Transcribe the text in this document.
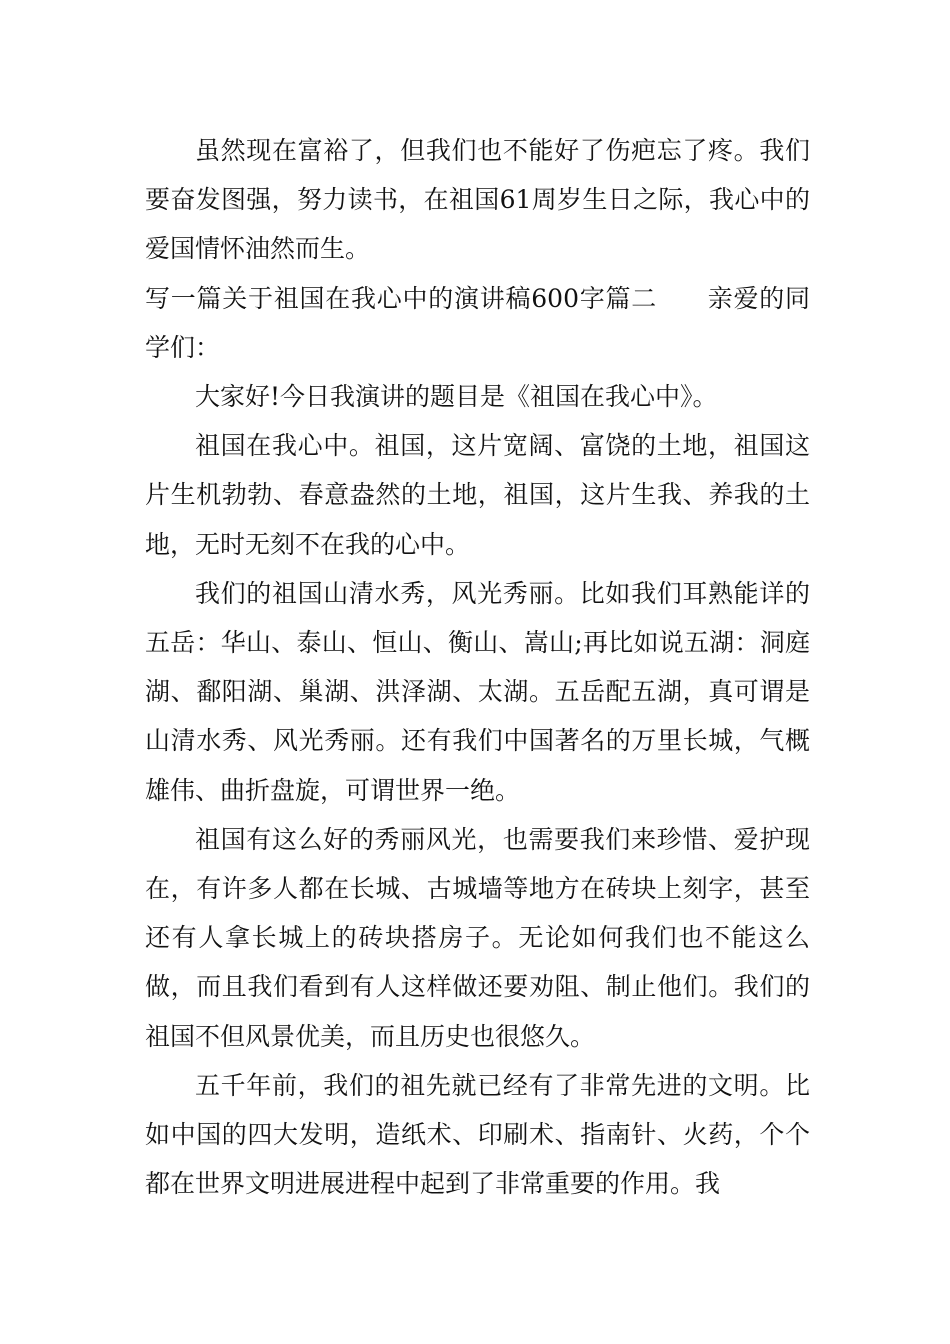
虽然现在富裕了，但我们也不能好了伤疤忘了疼。我们要奋发图强，努力读书，在祖国61周岁生日之际，我心中的爱国情怀油然而生。

写一篇关于祖国在我心中的演讲稿600字篇二 亲爱的同学们：

大家好!今日我演讲的题目是《祖国在我心中》。

祖国在我心中。祖国，这片宽阔、富饶的土地，祖国这片生机勃勃、春意盎然的土地，祖国，这片生我、养我的土地，无时无刻不在我的心中。

我们的祖国山清水秀，风光秀丽。比如我们耳熟能详的五岳：华山、泰山、恒山、衡山、嵩山;再比如说五湖：洞庭湖、鄱阳湖、巢湖、洪泽湖、太湖。五岳配五湖，真可谓是山清水秀、风光秀丽。还有我们中国著名的万里长城，气概雄伟、曲折盘旋，可谓世界一绝。

祖国有这么好的秀丽风光，也需要我们来珍惜、爱护现在，有许多人都在长城、古城墙等地方在砖块上刻字，甚至还有人拿长城上的砖块搭房子。无论如何我们也不能这么做，而且我们看到有人这样做还要劝阻、制止他们。我们的祖国不但风景优美，而且历史也很悠久。

五千年前，我们的祖先就已经有了非常先进的文明。比如中国的四大发明，造纸术、印刷术、指南针、火药，个个都在世界文明进展进程中起到了非常重要的作用。我
